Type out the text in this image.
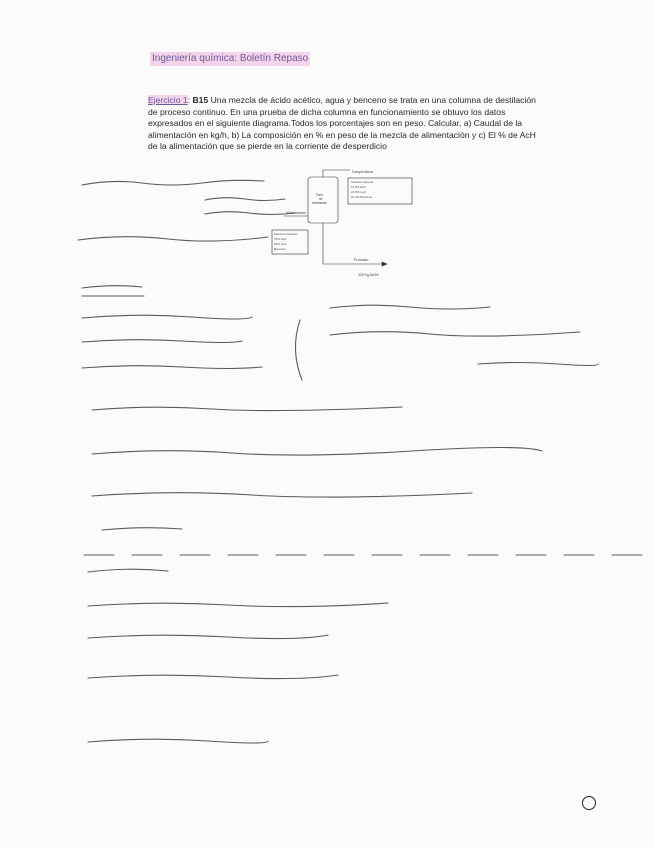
Ingeniería química: Boletín Repaso
Ejercicio 1: B15 Una mezcla de ácido acético, agua y benceno se trata en una columna de destilación de proceso continuo. En una prueba de dicha columna en funcionamiento se obtuvo los datos expresados en el siguiente diagrama.Todos los porcentajes son en peso. Calcular, a) Caudal de la alimentación en kg/h, b) La composición en % en peso de la mezcla de alimentación y c) El % de AcH de la alimentación que se pierde en la corriente de desperdicio
Desperdicio
Solución acuosa
11,2% AcH
21,5% H₂O
67,3% Benceno
Alimentación
Torre
de
destilación
Solución benceno
75% AcH
25% H₂O
Benceno
Producto
325 Kg AcH/h
